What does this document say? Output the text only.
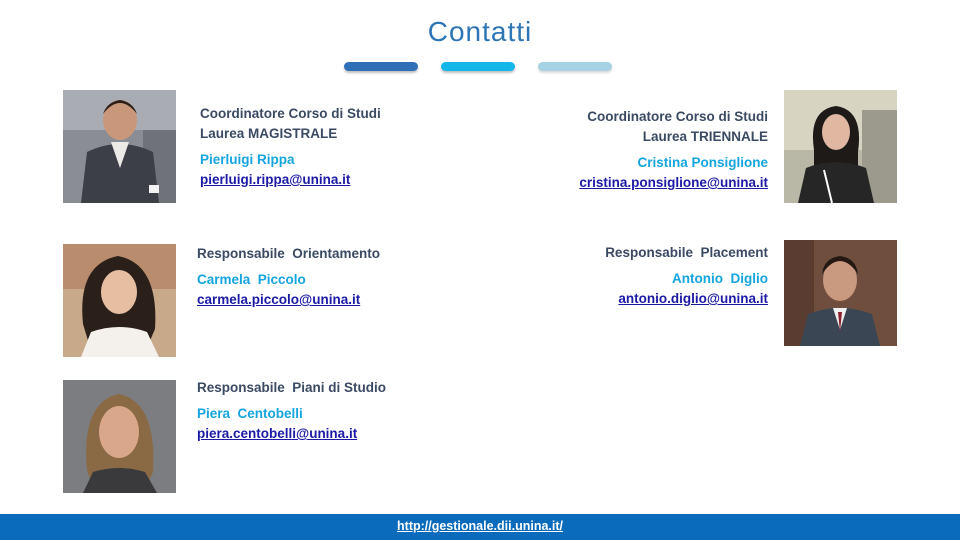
Contatti
Coordinatore Corso di Studi
Laurea MAGISTRALE
Pierluigi Rippa
pierluigi.rippa@unina.it
Coordinatore Corso di Studi
Laurea TRIENNALE
Cristina Ponsiglione
cristina.ponsiglione@unina.it
Responsabile  Orientamento
Carmela  Piccolo
carmela.piccolo@unina.it
Responsabile  Placement
Antonio  Diglio
antonio.diglio@unina.it
Responsabile  Piani di Studio
Piera  Centobelli
piera.centobelli@unina.it
http://gestionale.dii.unina.it/
